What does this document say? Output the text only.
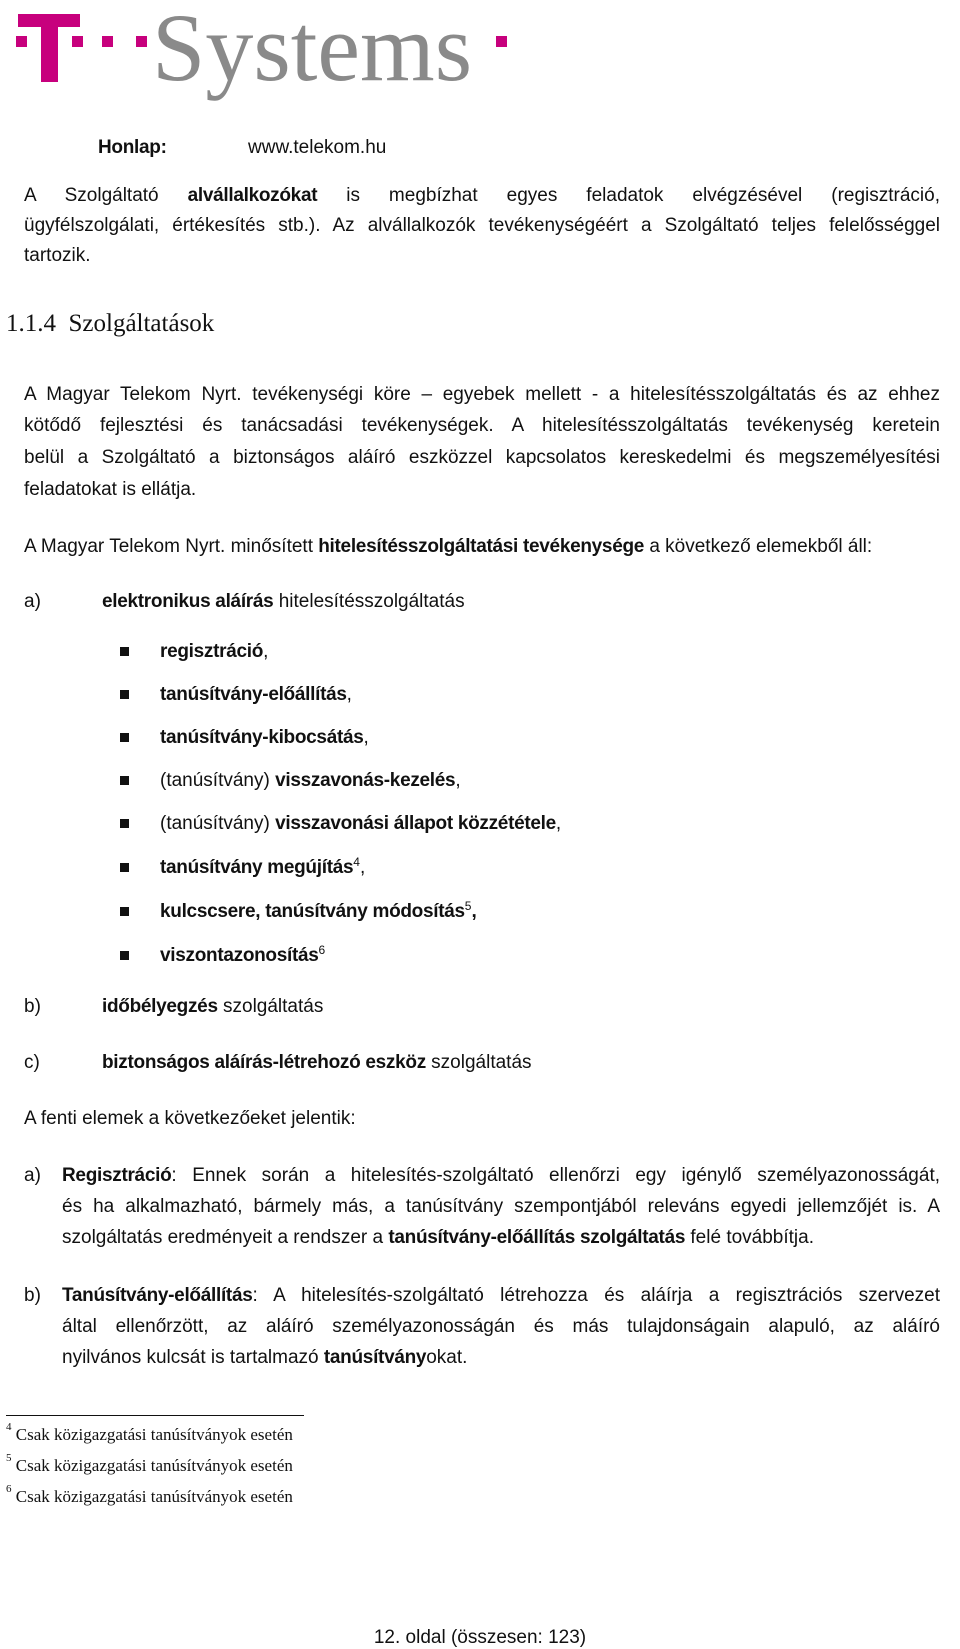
Systems
Honlap:	www.telekom.hu
A Szolgáltató alvállalkozókat is megbízhat egyes feladatok elvégzésével (regisztráció,
ügyfélszolgálati, értékesítés stb.). Az alvállalkozók tevékenységéért a Szolgáltató teljes felelősséggel
tartozik.
1.1.4 Szolgáltatások
A Magyar Telekom Nyrt. tevékenységi köre – egyebek mellett - a hitelesítésszolgáltatás és az ehhez
kötődő fejlesztési és tanácsadási tevékenységek. A hitelesítésszolgáltatás tevékenység keretein
belül a Szolgáltató a biztonságos aláíró eszközzel kapcsolatos kereskedelmi és megszemélyesítési
feladatokat is ellátja.
A Magyar Telekom Nyrt. minősített hitelesítésszolgáltatási tevékenysége a következő elemekből áll:
a)	elektronikus aláírás hitelesítésszolgáltatás
regisztráció,
tanúsítvány-előállítás,
tanúsítvány-kibocsátás,
(tanúsítvány) visszavonás-kezelés,
(tanúsítvány) visszavonási állapot közzététele,
tanúsítvány megújítás$^4$,
kulcscsere, tanúsítvány módosítás$^5$,
viszontazonosítás$^6$
b)	időbélyegzés szolgáltatás
c)	biztonságos aláírás-létrehozó eszköz szolgáltatás
A fenti elemek a következőeket jelentik:
a) Regisztráció: Ennek során a hitelesítés-szolgáltató ellenőrzi egy igénylő személyazonosságát,
és ha alkalmazható, bármely más, a tanúsítvány szempontjából releváns egyedi jellemzőjét is. A
szolgáltatás eredményeit a rendszer a tanúsítvány-előállítás szolgáltatás felé továbbítja.
b) Tanúsítvány-előállítás: A hitelesítés-szolgáltató létrehozza és aláírja a regisztrációs szervezet
által ellenőrzött, az aláíró személyazonosságán és más tulajdonságain alapuló, az aláíró
nyilvános kulcsát is tartalmazó tanúsítványokat.
$^4$ Csak közigazgatási tanúsítványok esetén
$^5$ Csak közigazgatási tanúsítványok esetén
$^6$ Csak közigazgatási tanúsítványok esetén
12. oldal (összesen: 123)
